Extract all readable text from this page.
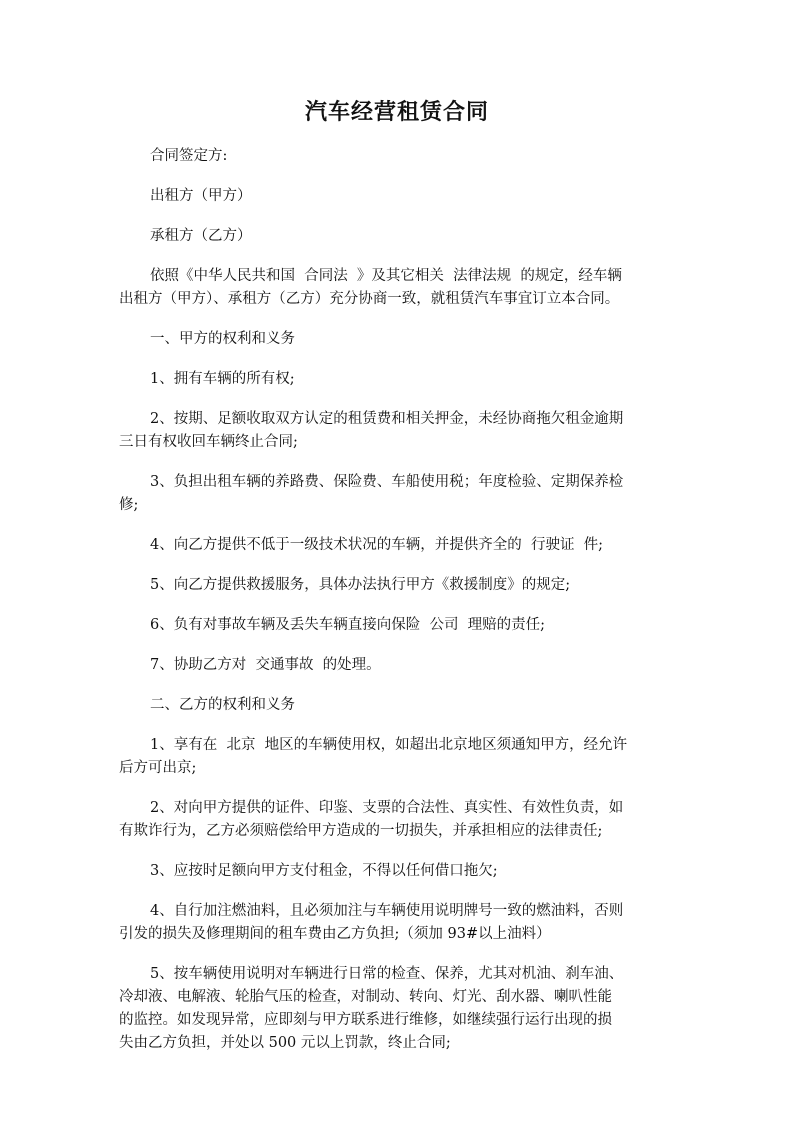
汽车经营租赁合同
合同签定方:
出租方（甲方）
承租方（乙方）
依照《中华人民共和国  合同法  》及其它相关  法律法规  的规定，经车辆
出租方（甲方）、承租方（乙方）充分协商一致，就租赁汽车事宜订立本合同。
一、甲方的权利和义务
1、拥有车辆的所有权;
2、按期、足额收取双方认定的租赁费和相关押金，未经协商拖欠租金逾期
三日有权收回车辆终止合同;
3、负担出租车辆的养路费、保险费、车船使用税；年度检验、定期保养检
修;
4、向乙方提供不低于一级技术状况的车辆，并提供齐全的  行驶证  件;
5、向乙方提供救援服务，具体办法执行甲方《救援制度》的规定;
6、负有对事故车辆及丢失车辆直接向保险  公司  理赔的责任;
7、协助乙方对  交通事故  的处理。
二、乙方的权利和义务
1、享有在  北京  地区的车辆使用权，如超出北京地区须通知甲方，经允许
后方可出京;
2、对向甲方提供的证件、印鉴、支票的合法性、真实性、有效性负责，如
有欺诈行为，乙方必须赔偿给甲方造成的一切损失，并承担相应的法律责任;
3、应按时足额向甲方支付租金，不得以任何借口拖欠;
4、自行加注燃油料，且必须加注与车辆使用说明牌号一致的燃油料，否则
引发的损失及修理期间的租车费由乙方负担;（须加 93#以上油料）
5、按车辆使用说明对车辆进行日常的检查、保养，尤其对机油、刹车油、
冷却液、电解液、轮胎气压的检查，对制动、转向、灯光、刮水器、喇叭性能
的监控。如发现异常，应即刻与甲方联系进行维修，如继续强行运行出现的损
失由乙方负担，并处以 500 元以上罚款，终止合同;
